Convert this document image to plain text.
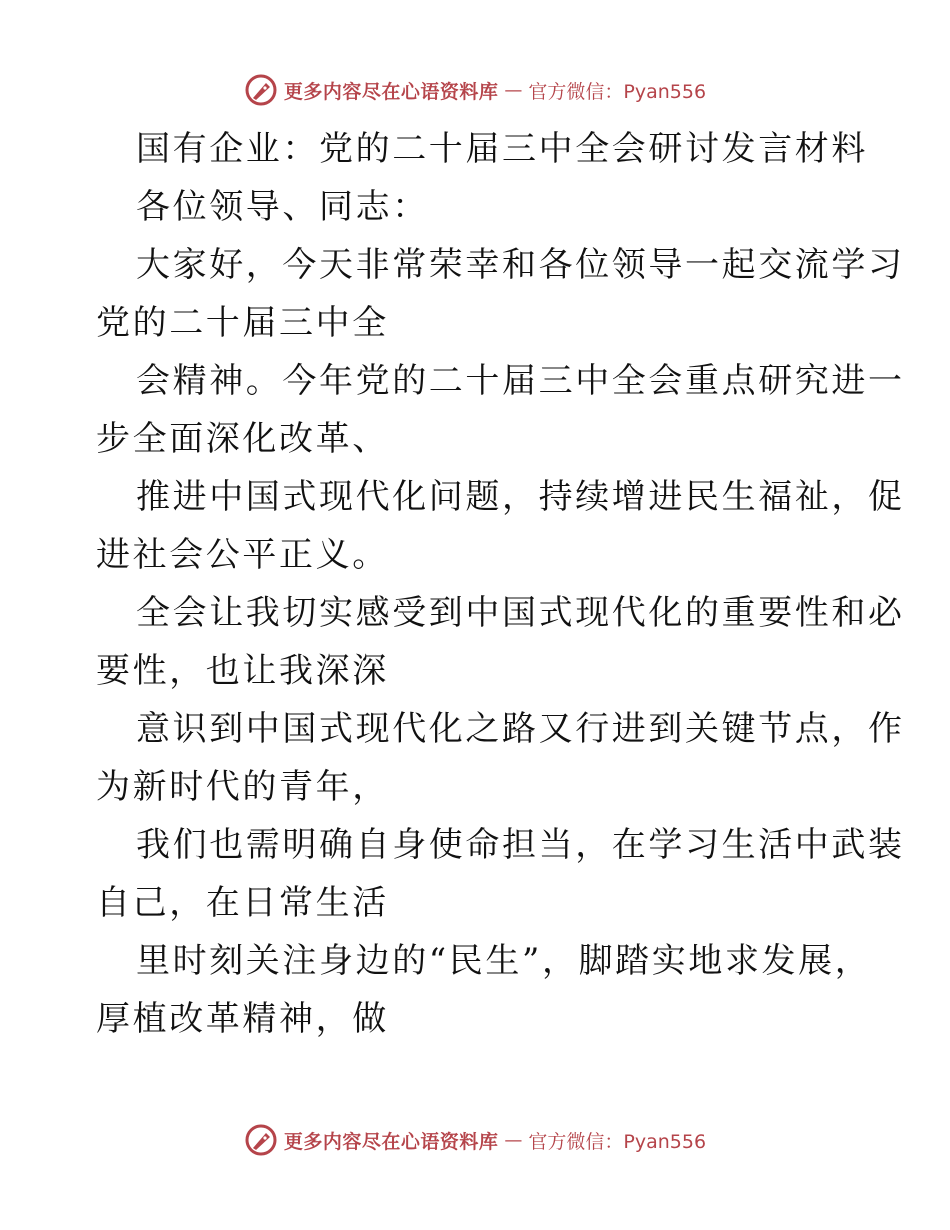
更多内容尽在心语资料库 — 官方微信：Pyan556

国有企业：党的二十届三中全会研讨发言材料

各位领导、同志：

大家好，今天非常荣幸和各位领导一起交流学习

党的二十届三中全

会精神。今年党的二十届三中全会重点研究进一

步全面深化改革、

推进中国式现代化问题，持续增进民生福祉，促

进社会公平正义。

全会让我切实感受到中国式现代化的重要性和必

要性，也让我深深

意识到中国式现代化之路又行进到关键节点，作

为新时代的青年，

我们也需明确自身使命担当，在学习生活中武装

自己，在日常生活

里时刻关注身边的“民生”，脚踏实地求发展，

厚植改革精神，做

更多内容尽在心语资料库 — 官方微信：Pyan556
